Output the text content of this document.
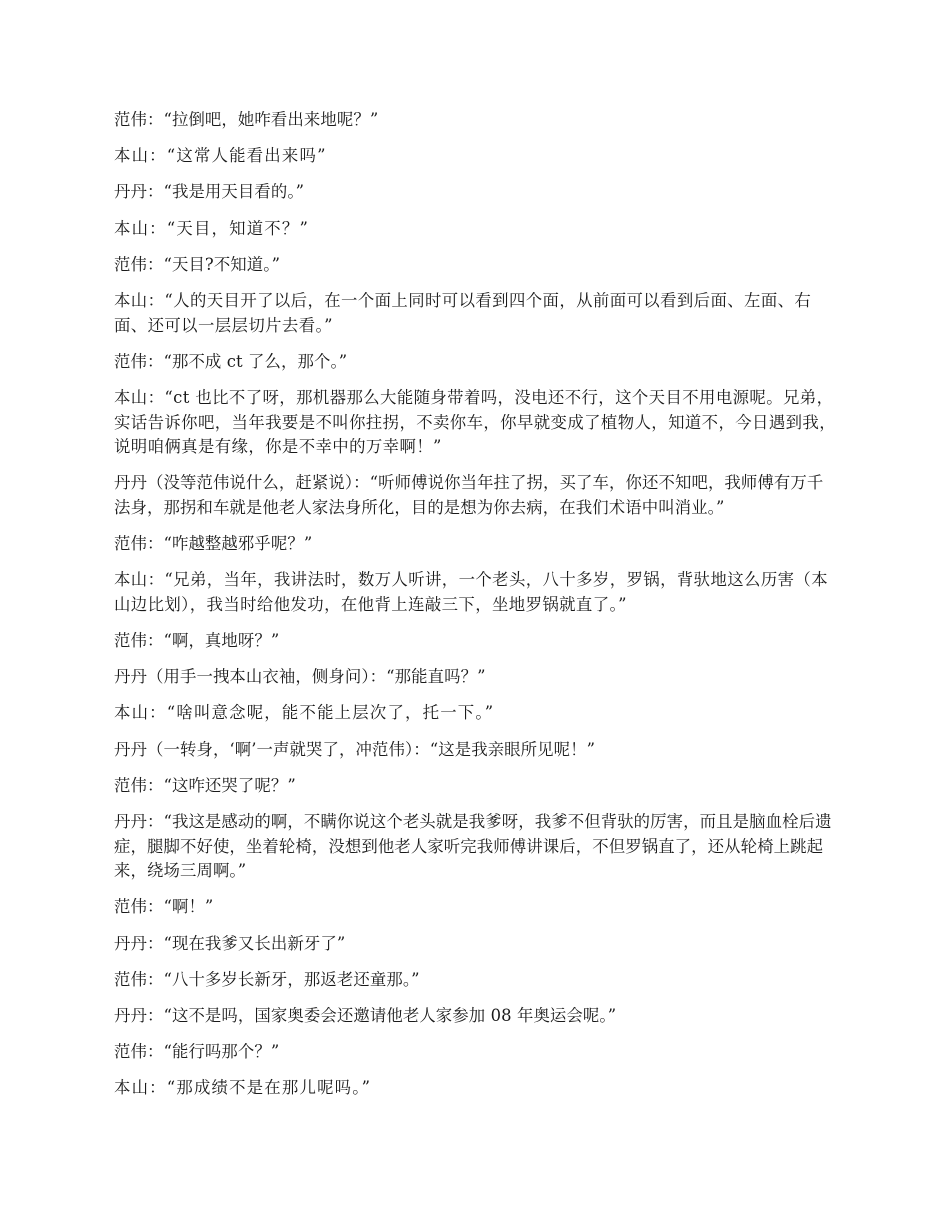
范伟：“拉倒吧，她咋看出来地呢？”

本山：“这常人能看出来吗”

丹丹：“我是用天目看的。”

本山：“天目，知道不？”

范伟：“天目?不知道。”

本山：“人的天目开了以后，在一个面上同时可以看到四个面，从前面可以看到后面、左面、右面、还可以一层层切片去看。”

范伟：“那不成 ct 了么，那个。”

本山：“ct 也比不了呀，那机器那么大能随身带着吗，没电还不行，这个天目不用电源呢。兄弟，实话告诉你吧，当年我要是不叫你拄拐，不卖你车，你早就变成了植物人，知道不，今日遇到我，说明咱俩真是有缘，你是不幸中的万幸啊！”

丹丹（没等范伟说什么，赶紧说）：“听师傅说你当年拄了拐，买了车，你还不知吧，我师傅有万千法身，那拐和车就是他老人家法身所化，目的是想为你去病，在我们术语中叫消业。”

范伟：“咋越整越邪乎呢？”

本山：“兄弟，当年，我讲法时，数万人听讲，一个老头，八十多岁，罗锅，背驮地这么历害（本山边比划），我当时给他发功，在他背上连敲三下，坐地罗锅就直了。”

范伟：“啊，真地呀？”

丹丹（用手一拽本山衣袖，侧身问）：“那能直吗？”

本山：“啥叫意念呢，能不能上层次了，托一下。”

丹丹（一转身，‘啊’一声就哭了，冲范伟）：“这是我亲眼所见呢！”

范伟：“这咋还哭了呢？”

丹丹：“我这是感动的啊，不瞒你说这个老头就是我爹呀，我爹不但背驮的厉害，而且是脑血栓后遗症，腿脚不好使，坐着轮椅，没想到他老人家听完我师傅讲课后，不但罗锅直了，还从轮椅上跳起来，绕场三周啊。”

范伟：“啊！”

丹丹：“现在我爹又长出新牙了”

范伟：“八十多岁长新牙，那返老还童那。”

丹丹：“这不是吗，国家奥委会还邀请他老人家参加 08 年奥运会呢。”

范伟：“能行吗那个？”

本山：“那成绩不是在那儿呢吗。”
